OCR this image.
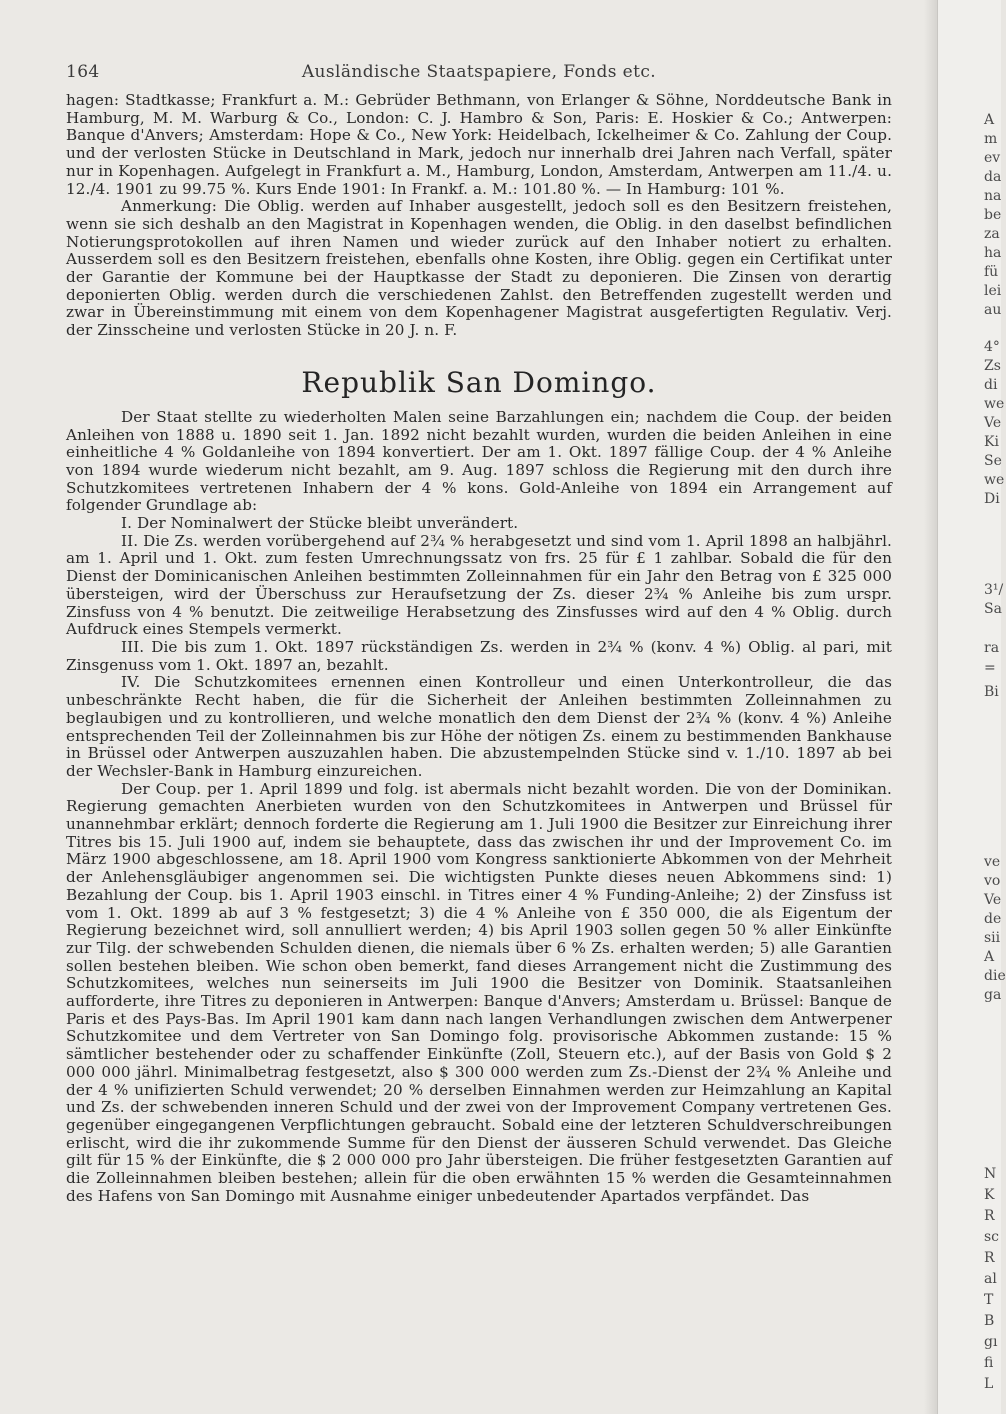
164	Ausländische Staatspapiere, Fonds etc.

hagen: Stadtkasse; Frankfurt a. M.: Gebrüder Bethmann, von Erlanger & Söhne, Norddeutsche Bank in Hamburg, M. M. Warburg & Co., London: C. J. Hambro & Son, Paris: E. Hoskier & Co.; Antwerpen: Banque d'Anvers; Amsterdam: Hope & Co., New York: Heidelbach, Ickelheimer & Co. Zahlung der Coup. und der verlosten Stücke in Deutschland in Mark, jedoch nur innerhalb drei Jahren nach Verfall, später nur in Kopenhagen. Aufgelegt in Frankfurt a. M., Hamburg, London, Amsterdam, Antwerpen am 11./4. u. 12./4. 1901 zu 99.75 %. Kurs Ende 1901: In Frankf. a. M.: 101.80 %. — In Hamburg: 101 %.

Anmerkung: Die Oblig. werden auf Inhaber ausgestellt, jedoch soll es den Besitzern freistehen, wenn sie sich deshalb an den Magistrat in Kopenhagen wenden, die Oblig. in den daselbst befindlichen Notierungsprotokollen auf ihren Namen und wieder zurück auf den Inhaber notiert zu erhalten. Ausserdem soll es den Besitzern freistehen, ebenfalls ohne Kosten, ihre Oblig. gegen ein Certifikat unter der Garantie der Kommune bei der Hauptkasse der Stadt zu deponieren. Die Zinsen von derartig deponierten Oblig. werden durch die verschiedenen Zahlst. den Betreffenden zugestellt werden und zwar in Übereinstimmung mit einem von dem Kopenhagener Magistrat ausgefertigten Regulativ. Verj. der Zinsscheine und verlosten Stücke in 20 J. n. F.

Republik San Domingo.

Der Staat stellte zu wiederholten Malen seine Barzahlungen ein; nachdem die Coup. der beiden Anleihen von 1888 u. 1890 seit 1. Jan. 1892 nicht bezahlt wurden, wurden die beiden Anleihen in eine einheitliche 4 % Goldanleihe von 1894 konvertiert. Der am 1. Okt. 1897 fällige Coup. der 4 % Anleihe von 1894 wurde wiederum nicht bezahlt, am 9. Aug. 1897 schloss die Regierung mit den durch ihre Schutzkomitees vertretenen Inhabern der 4 % kons. Gold-Anleihe von 1894 ein Arrangement auf folgender Grundlage ab:

I. Der Nominalwert der Stücke bleibt unverändert.

II. Die Zs. werden vorübergehend auf 2¾ % herabgesetzt und sind vom 1. April 1898 an halbjährl. am 1. April und 1. Okt. zum festen Umrechnungssatz von frs. 25 für £ 1 zahlbar. Sobald die für den Dienst der Dominicanischen Anleihen bestimmten Zolleinnahmen für ein Jahr den Betrag von £ 325 000 übersteigen, wird der Überschuss zur Heraufsetzung der Zs. dieser 2¾ % Anleihe bis zum urspr. Zinsfuss von 4 % benutzt. Die zeitweilige Herabsetzung des Zinsfusses wird auf den 4 % Oblig. durch Aufdruck eines Stempels vermerkt.

III. Die bis zum 1. Okt. 1897 rückständigen Zs. werden in 2¾ % (konv. 4 %) Oblig. al pari, mit Zinsgenuss vom 1. Okt. 1897 an, bezahlt.

IV. Die Schutzkomitees ernennen einen Kontrolleur und einen Unterkontrolleur, die das unbeschränkte Recht haben, die für die Sicherheit der Anleihen bestimmten Zolleinnahmen zu beglaubigen und zu kontrollieren, und welche monatlich den dem Dienst der 2¾ % (konv. 4 %) Anleihe entsprechenden Teil der Zolleinnahmen bis zur Höhe der nötigen Zs. einem zu bestimmenden Bankhause in Brüssel oder Antwerpen auszuzahlen haben. Die abzustempelnden Stücke sind v. 1./10. 1897 ab bei der Wechsler-Bank in Hamburg einzureichen.

Der Coup. per 1. April 1899 und folg. ist abermals nicht bezahlt worden. Die von der Dominikan. Regierung gemachten Anerbieten wurden von den Schutzkomitees in Antwerpen und Brüssel für unannehmbar erklärt; dennoch forderte die Regierung am 1. Juli 1900 die Besitzer zur Einreichung ihrer Titres bis 15. Juli 1900 auf, indem sie behauptete, dass das zwischen ihr und der Improvement Co. im März 1900 abgeschlossene, am 18. April 1900 vom Kongress sanktionierte Abkommen von der Mehrheit der Anlehensgläubiger angenommen sei. Die wichtigsten Punkte dieses neuen Abkommens sind: 1) Bezahlung der Coup. bis 1. April 1903 einschl. in Titres einer 4 % Funding-Anleihe; 2) der Zinsfuss ist vom 1. Okt. 1899 ab auf 3 % festgesetzt; 3) die 4 % Anleihe von £ 350 000, die als Eigentum der Regierung bezeichnet wird, soll annulliert werden; 4) bis April 1903 sollen gegen 50 % aller Einkünfte zur Tilg. der schwebenden Schulden dienen, die niemals über 6 % Zs. erhalten werden; 5) alle Garantien sollen bestehen bleiben. Wie schon oben bemerkt, fand dieses Arrangement nicht die Zustimmung des Schutzkomitees, welches nun seinerseits im Juli 1900 die Besitzer von Dominik. Staatsanleihen aufforderte, ihre Titres zu deponieren in Antwerpen: Banque d'Anvers; Amsterdam u. Brüssel: Banque de Paris et des Pays-Bas. Im April 1901 kam dann nach langen Verhandlungen zwischen dem Antwerpener Schutzkomitee und dem Vertreter von San Domingo folg. provisorische Abkommen zustande: 15 % sämtlicher bestehender oder zu schaffender Einkünfte (Zoll, Steuern etc.), auf der Basis von Gold $ 2 000 000 jährl. Minimalbetrag festgesetzt, also $ 300 000 werden zum Zs.-Dienst der 2¾ % Anleihe und der 4 % unifizierten Schuld verwendet; 20 % derselben Einnahmen werden zur Heimzahlung an Kapital und Zs. der schwebenden inneren Schuld und der zwei von der Improvement Company vertretenen Ges. gegenüber eingegangenen Verpflichtungen gebraucht. Sobald eine der letzteren Schuldverschreibungen erlischt, wird die ihr zukommende Summe für den Dienst der äusseren Schuld verwendet. Das Gleiche gilt für 15 % der Einkünfte, die $ 2 000 000 pro Jahr übersteigen. Die früher festgesetzten Garantien auf die Zolleinnahmen bleiben bestehen; allein für die oben erwähnten 15 % werden die Gesamteinnahmen des Hafens von San Domingo mit Ausnahme einiger unbedeutender Apartados verpfändet. Das

A
m
ev
da
na
be
za
ha
fü
lei
au
4°
Zs
di
we
Ve
Ki
Se
we
Di
3¹/
Sa
ra
=
Bi
ve
vo
Ve
de
sii
A
die
ga
N
K
R
sc
R
al
T
B
gı
fi
L
